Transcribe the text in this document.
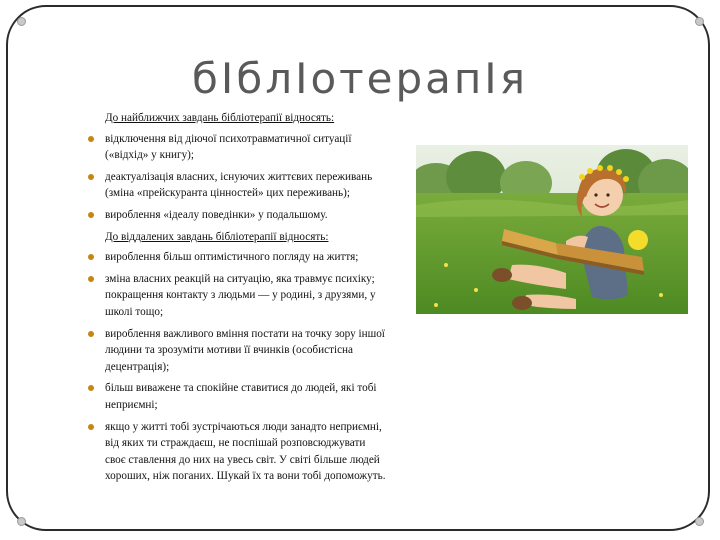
бІблІотерапІя
До найближчих завдань бібліотерапії відносять:
відключення від діючої психотравматичної ситуації («відхід» у книгу);
деактуалізація власних, існуючих життєвих переживань (зміна «прейскуранта цінностей» цих переживань);
вироблення «ідеалу поведінки» у подальшому.
До віддалених завдань бібліотерапії відносять:
вироблення більш оптимістичного погляду на життя;
зміна власних реакцій на ситуацію, яка травмує психіку; покращення контакту з людьми — у родині, з друзями, у школі тощо;
вироблення важливого вміння постати на точку зору іншої людини та зрозуміти мотиви її вчинків (особистісна децентрація);
більш виважене та спокійне ставитися до людей, які тобі неприємні;
якщо у житті тобі зустрічаються люди занадто неприємні, від яких ти страждаєш, не поспішай розповсюджувати своє ставлення до них на увесь світ. У світі більше людей хороших, ніж поганих. Шукай їх та вони тобі допоможуть.
